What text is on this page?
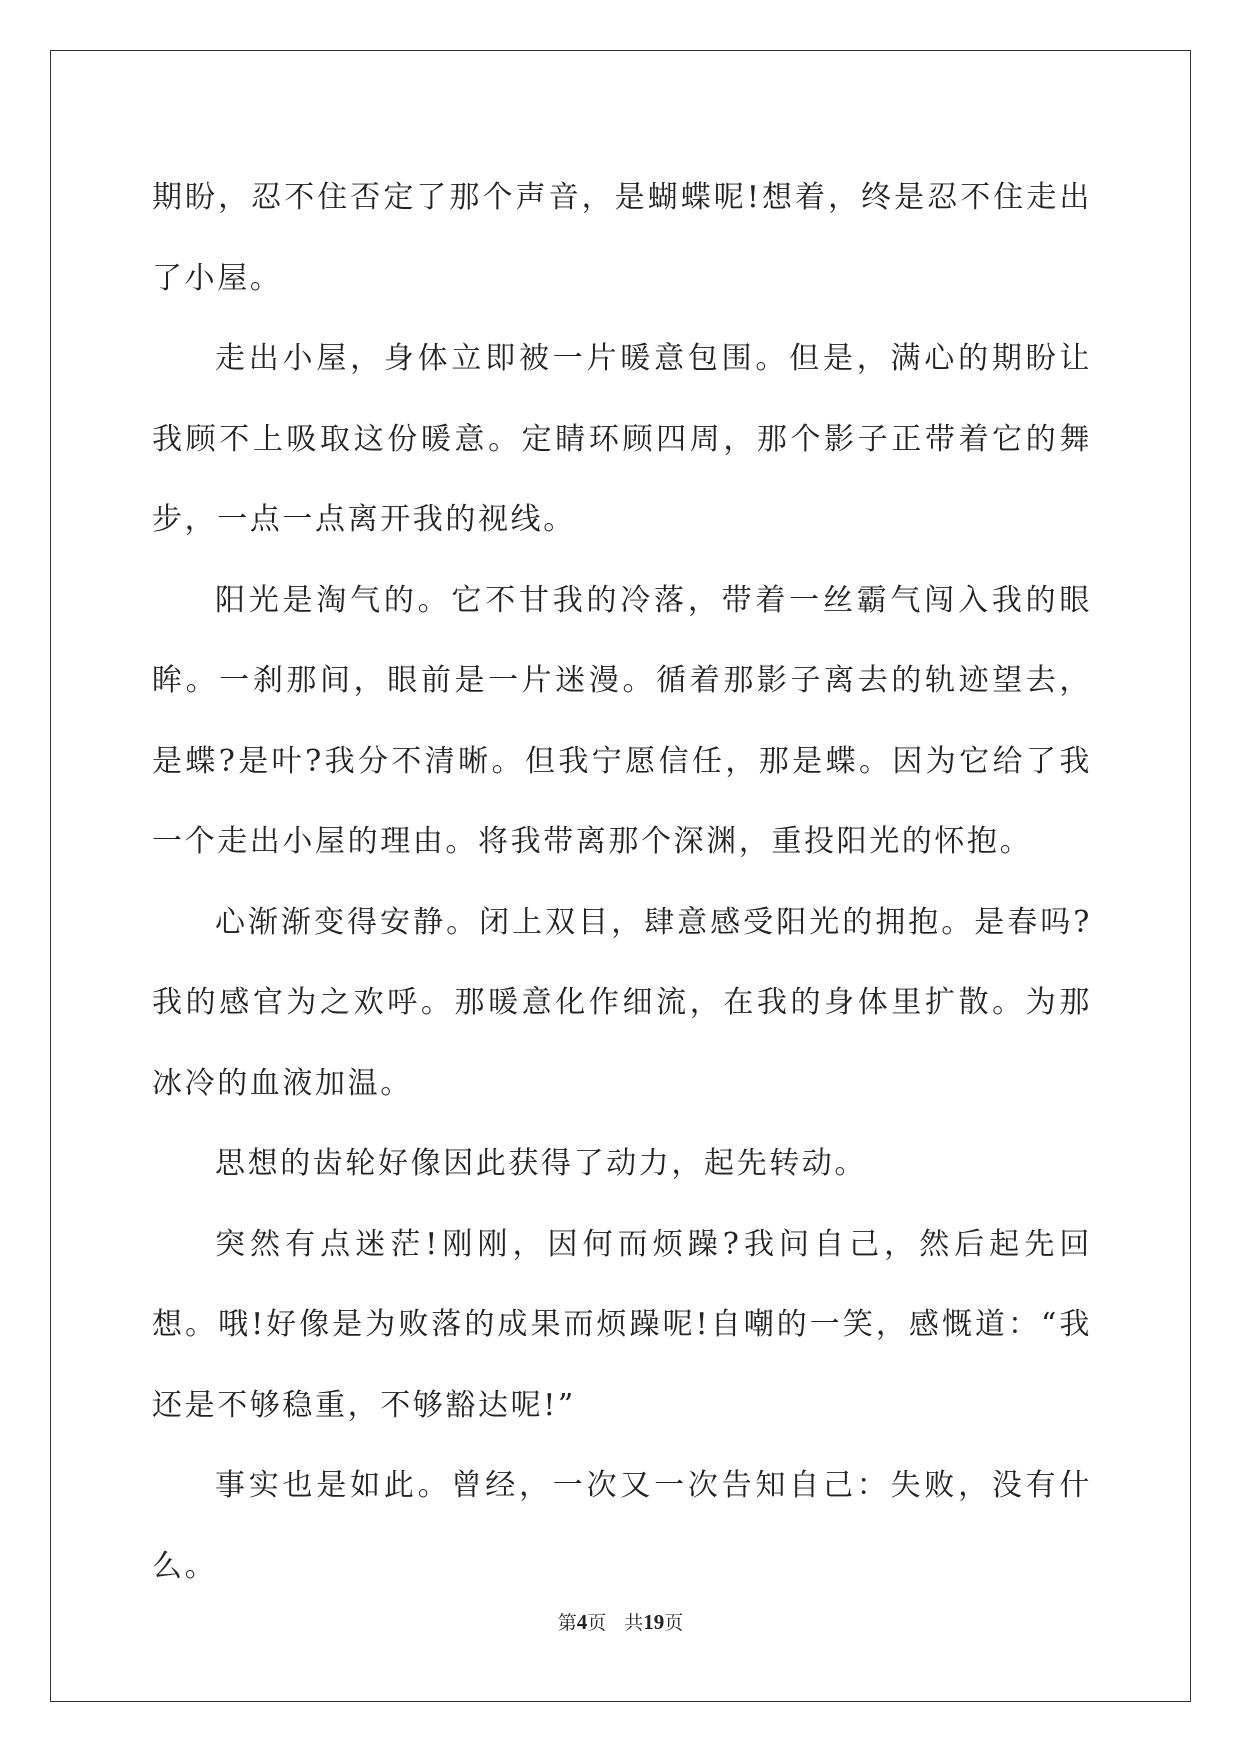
期盼，忍不住否定了那个声音，是蝴蝶呢!想着，终是忍不住走出了小屋。

走出小屋，身体立即被一片暖意包围。但是，满心的期盼让我顾不上吸取这份暖意。定睛环顾四周，那个影子正带着它的舞步，一点一点离开我的视线。

阳光是淘气的。它不甘我的冷落，带着一丝霸气闯入我的眼眸。一刹那间，眼前是一片迷漫。循着那影子离去的轨迹望去，是蝶?是叶?我分不清晰。但我宁愿信任，那是蝶。因为它给了我一个走出小屋的理由。将我带离那个深渊，重投阳光的怀抱。

心渐渐变得安静。闭上双目，肆意感受阳光的拥抱。是春吗?我的感官为之欢呼。那暖意化作细流，在我的身体里扩散。为那冰冷的血液加温。

思想的齿轮好像因此获得了动力，起先转动。

突然有点迷茫!刚刚，因何而烦躁?我问自己，然后起先回想。哦!好像是为败落的成果而烦躁呢!自嘲的一笑，感慨道：“我还是不够稳重，不够豁达呢!”

事实也是如此。曾经，一次又一次告知自己：失败，没有什么。

第4页 共19页
